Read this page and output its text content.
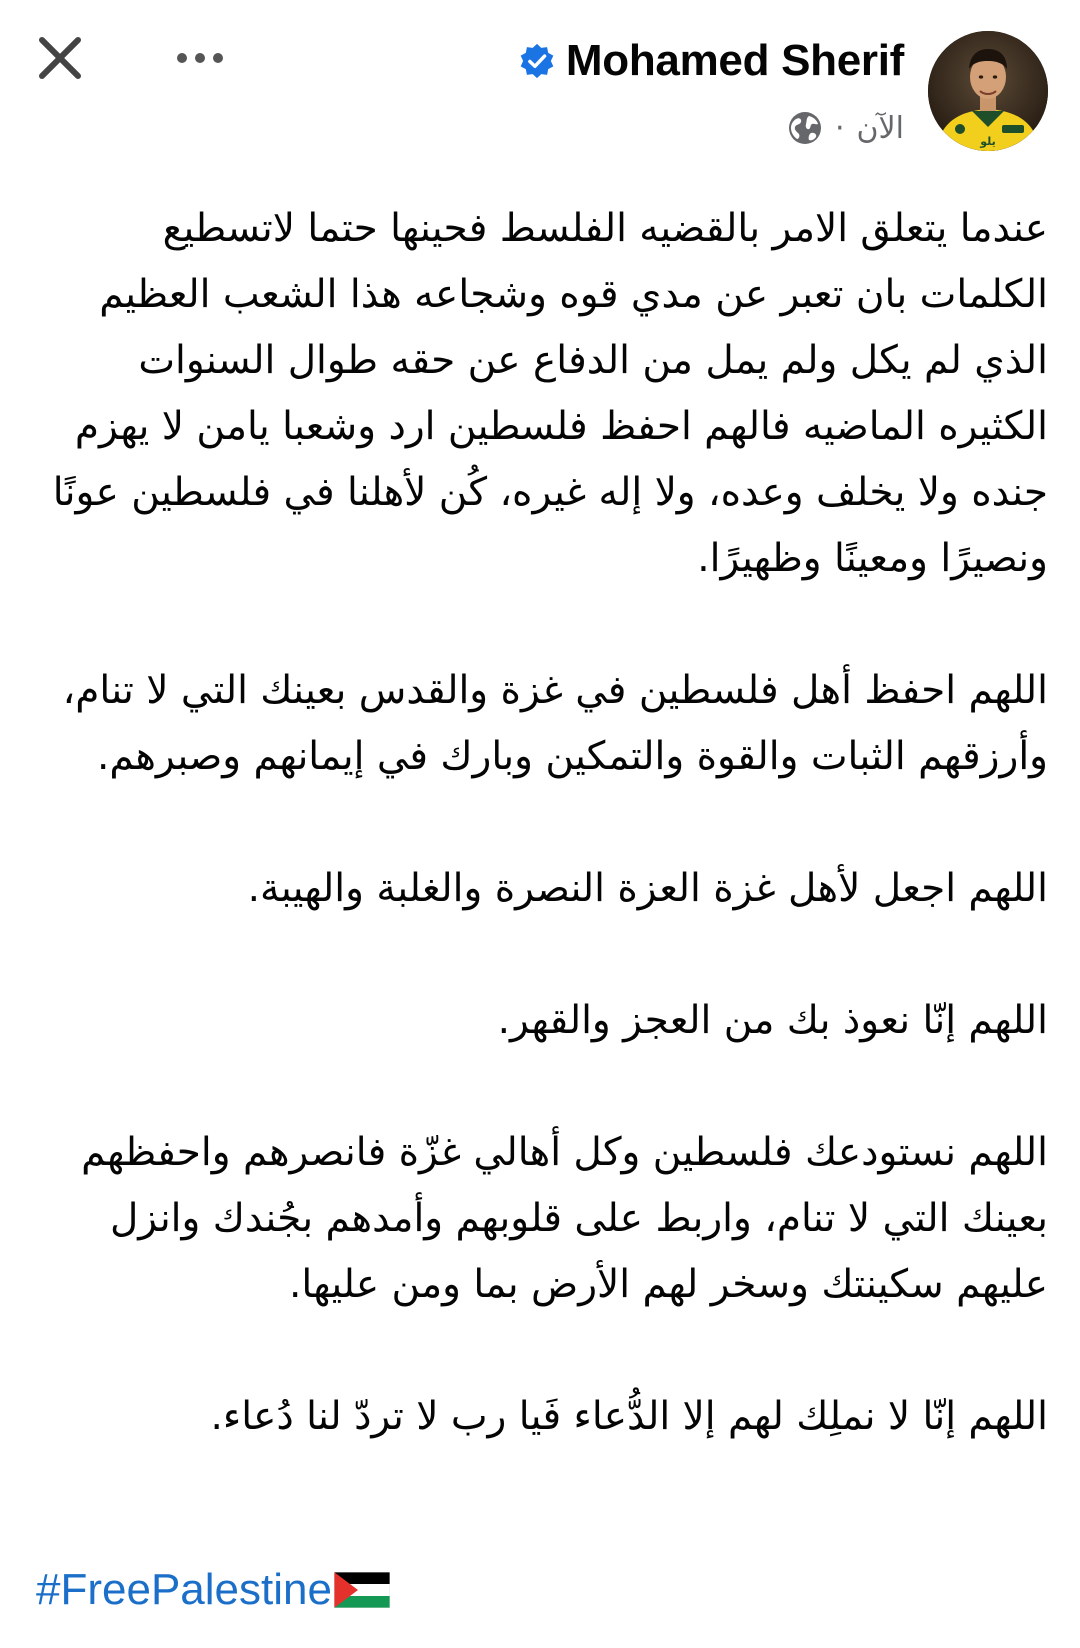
Mohamed Sherif
· الآن	يلو

عندما يتعلق الامر بالقضيه الفلسط فحينها حتما لاتسطيع الكلمات بان تعبر عن مدي قوه وشجاعه هذا الشعب العظيم الذي لم يكل ولم يمل من الدفاع عن حقه طوال السنوات الكثيره الماضيه فالهم احفظ فلسطين ارد وشعبا يامن لا يهزم جنده ولا يخلف وعده، ولا إله غيره، كُن لأهلنا في فلسطين عونًا ونصيرًا ومعينًا وظهيرًا.

اللهم احفظ أهل فلسطين في غزة والقدس بعينك التي لا تنام، وأرزقهم الثبات والقوة والتمكين وبارك في إيمانهم وصبرهم.

اللهم اجعل لأهل غزة العزة النصرة والغلبة والهيبة.

اللهم إنّا نعوذ بك من العجز والقهر.

اللهم نستودعك فلسطين وكل أهالي غزّة فانصرهم واحفظهم بعينك التي لا تنام، واربط على قلوبهم وأمدهم بجُندك وانزل عليهم سكينتك وسخر لهم الأرض بما ومن عليها.

اللهم إنّا لا نملِك لهم إلا الدُّعاء فَيا رب لا تردّ لنا دُعاء.

#FreePalestine
